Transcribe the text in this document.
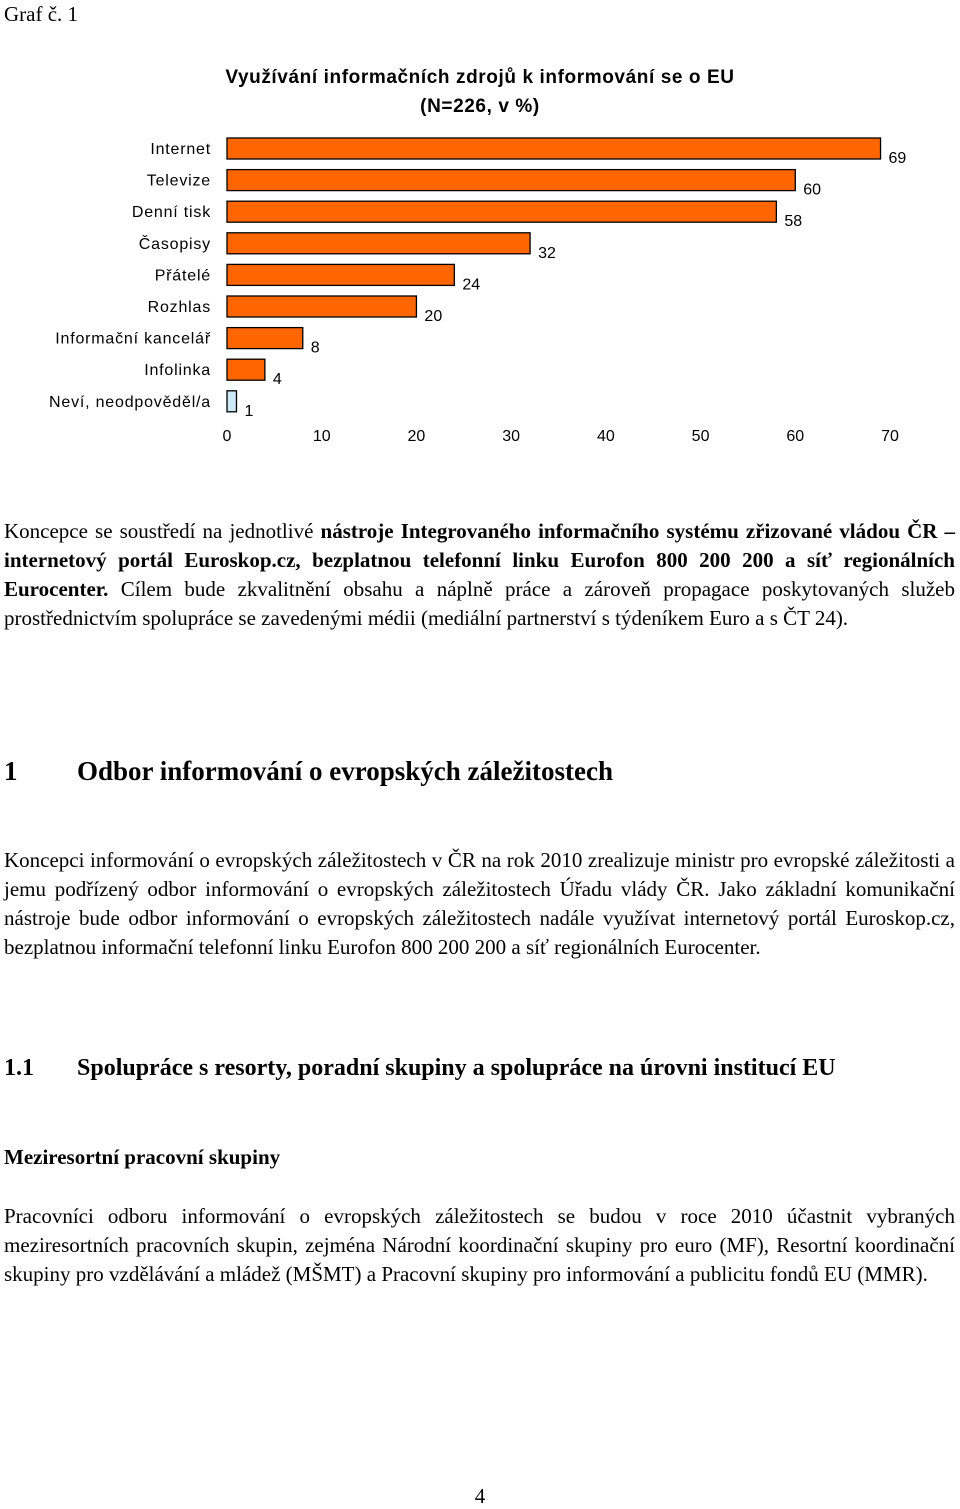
Graf č. 1
Využívání informačních zdrojů k informování se o EU
(N=226, v %)
Internet
Televize
Denní tisk
Časopisy
Přátelé
Rozhlas
Informační kancelář
Infolinka
Neví, neodpověděl/a
69
60
58
32
24
20
8
4
1
0	10	20	30	40	50	60	70

Koncepce se soustředí na jednotlivé nástroje Integrovaného informačního systému zřizované vládou ČR – internetový portál Euroskop.cz, bezplatnou telefonní linku Eurofon 800 200 200 a síť regionálních Eurocenter. Cílem bude zkvalitnění obsahu a náplně práce a zároveň propagace poskytovaných služeb prostřednictvím spolupráce se zavedenými médii (mediální partnerství s týdeníkem Euro a s ČT 24).

1 Odbor informování o evropských záležitostech

Koncepci informování o evropských záležitostech v ČR na rok 2010 zrealizuje ministr pro evropské záležitosti a jemu podřízený odbor informování o evropských záležitostech Úřadu vlády ČR. Jako základní komunikační nástroje bude odbor informování o evropských záležitostech nadále využívat internetový portál Euroskop.cz, bezplatnou informační telefonní linku Eurofon 800 200 200 a síť regionálních Eurocenter.

1.1 Spolupráce s resorty, poradní skupiny a spolupráce na úrovni institucí EU
Meziresortní pracovní skupiny

Pracovníci odboru informování o evropských záležitostech se budou v roce 2010 účastnit vybraných meziresortních pracovních skupin, zejména Národní koordinační skupiny pro euro (MF), Resortní koordinační skupiny pro vzdělávání a mládež (MŠMT) a Pracovní skupiny pro informování a publicitu fondů EU (MMR).

4
